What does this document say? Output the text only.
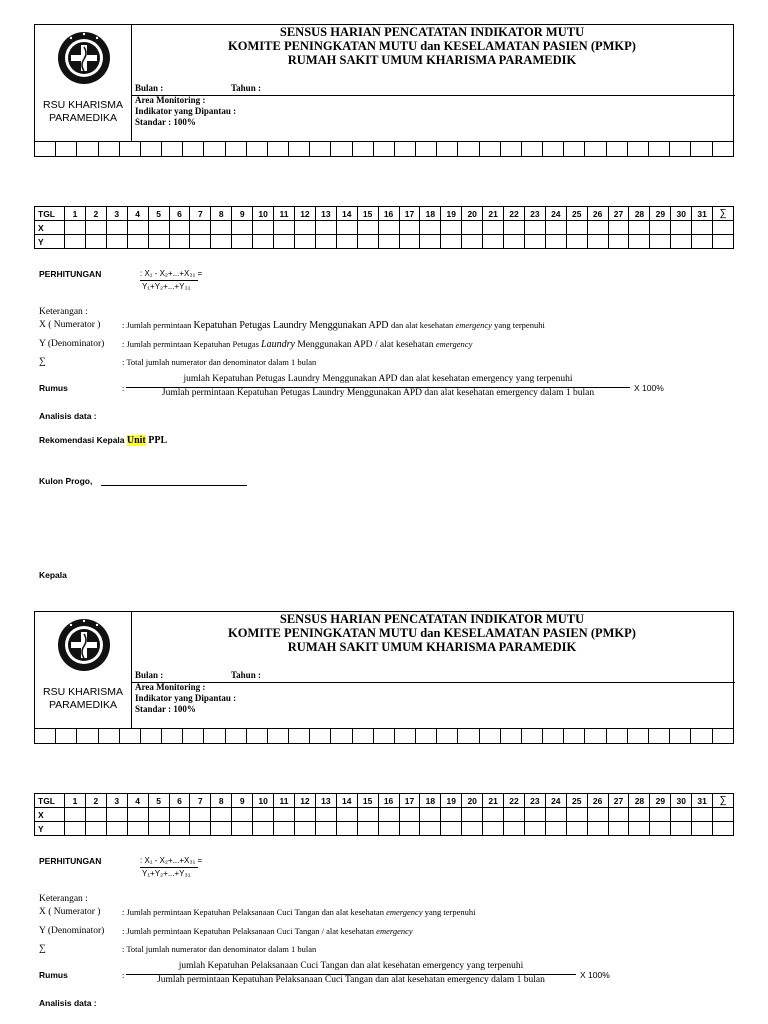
RSU KHARISMA
PARAMEDIKA
SENSUS HARIAN PENCATATAN INDIKATOR MUTU
KOMITE PENINGKATAN MUTU dan KESELAMATAN PASIEN (PMKP)
RUMAH SAKIT UMUM KHARISMA PARAMEDIK
Bulan :	Tahun :
Area Monitoring :
Indikator yang Dipantau :
Standar : 100%

TGL	1	2	3	4	5	6	7	8	9	10	11	12	13	14	15	16	17	18	19	20	21	22	23	24	25	26	27	28	29	30	31	∑
X																																
Y																																
PERHITUNGAN	: X₁ - X₂+...+X₃₁ =
Y₁+Y₂+...+Y₃₁
Keterangan :
X ( Numerator )	: Jumlah permintaan Kepatuhan Petugas Laundry Menggunakan APD dan alat kesehatan emergency yang terpenuhi
Y (Denominator) : Jumlah permintaan Kepatuhan Petugas Laundry Menggunakan APD / alat kesehatan emergency
∑	: Total jumlah numerator dan denominator dalam 1 bulan
Rumus	:
jumlah Kepatuhan Petugas Laundry Menggunakan APD dan alat kesehatan emergency yang terpenuhi
Jumlah permintaan Kepatuhan Petugas Laundry Menggunakan APD dan alat kesehatan emergency dalam 1 bulan	X 100%
Analisis data :
Rekomendasi Kepala Unit PPL
Kulon Progo,
Kepala
RSU KHARISMA
PARAMEDIKA
SENSUS HARIAN PENCATATAN INDIKATOR MUTU
KOMITE PENINGKATAN MUTU dan KESELAMATAN PASIEN (PMKP)
RUMAH SAKIT UMUM KHARISMA PARAMEDIK
Bulan :	Tahun :
Area Monitoring :
Indikator yang Dipantau :
Standar : 100%

TGL	1	2	3	4	5	6	7	8	9	10	11	12	13	14	15	16	17	18	19	20	21	22	23	24	25	26	27	28	29	30	31	∑
X																																
Y																																
PERHITUNGAN	: X₁ - X₂+...+X₃₁ =
Y₁+Y₂+...+Y₃₁
Keterangan :
X ( Numerator )	: Jumlah permintaan Kepatuhan Pelaksanaan Cuci Tangan dan alat kesehatan emergency yang terpenuhi
Y (Denominator) : Jumlah permintaan Kepatuhan Pelaksanaan Cuci Tangan / alat kesehatan emergency
∑	: Total jumlah numerator dan denominator dalam 1 bulan
Rumus	:
jumlah Kepatuhan Pelaksanaan Cuci Tangan dan alat kesehatan emergency yang terpenuhi
Jumlah permintaan Kepatuhan Pelaksanaan Cuci Tangan dan alat kesehatan emergency dalam 1 bulan	X 100%
Analisis data :
